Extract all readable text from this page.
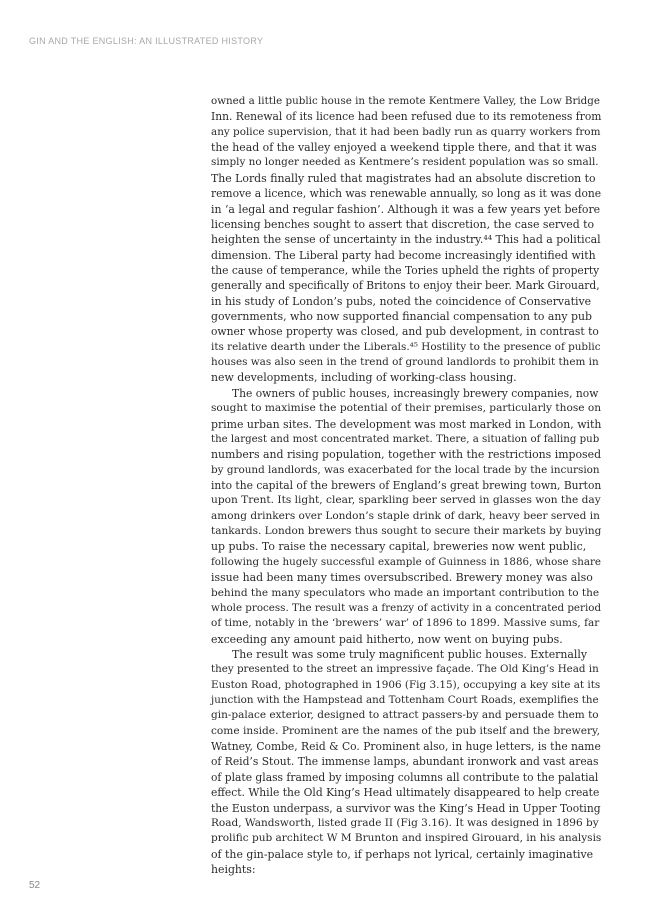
GIN AND THE ENGLISH: AN ILLUSTRATED HISTORY
owned a little public house in the remote Kentmere Valley, the Low Bridge
Inn. Renewal of its licence had been refused due to its remoteness from
any police supervision, that it had been badly run as quarry workers from
the head of the valley enjoyed a weekend tipple there, and that it was
simply no longer needed as Kentmere’s resident population was so small.
The Lords finally ruled that magistrates had an absolute discretion to
remove a licence, which was renewable annually, so long as it was done
in ‘a legal and regular fashion’. Although it was a few years yet before
licensing benches sought to assert that discretion, the case served to
heighten the sense of uncertainty in the industry.⁴⁴ This had a political
dimension. The Liberal party had become increasingly identified with
the cause of temperance, while the Tories upheld the rights of property
generally and specifically of Britons to enjoy their beer. Mark Girouard,
in his study of London’s pubs, noted the coincidence of Conservative
governments, who now supported financial compensation to any pub
owner whose property was closed, and pub development, in contrast to
its relative dearth under the Liberals.⁴⁵ Hostility to the presence of public
houses was also seen in the trend of ground landlords to prohibit them in
new developments, including of working-class housing.
The owners of public houses, increasingly brewery companies, now
sought to maximise the potential of their premises, particularly those on
prime urban sites. The development was most marked in London, with
the largest and most concentrated market. There, a situation of falling pub
numbers and rising population, together with the restrictions imposed
by ground landlords, was exacerbated for the local trade by the incursion
into the capital of the brewers of England’s great brewing town, Burton
upon Trent. Its light, clear, sparkling beer served in glasses won the day
among drinkers over London’s staple drink of dark, heavy beer served in
tankards. London brewers thus sought to secure their markets by buying
up pubs. To raise the necessary capital, breweries now went public,
following the hugely successful example of Guinness in 1886, whose share
issue had been many times oversubscribed. Brewery money was also
behind the many speculators who made an important contribution to the
whole process. The result was a frenzy of activity in a concentrated period
of time, notably in the ‘brewers’ war’ of 1896 to 1899. Massive sums, far
exceeding any amount paid hitherto, now went on buying pubs.
The result was some truly magnificent public houses. Externally
they presented to the street an impressive façade. The Old King’s Head in
Euston Road, photographed in 1906 (Fig 3.15), occupying a key site at its
junction with the Hampstead and Tottenham Court Roads, exemplifies the
gin-palace exterior, designed to attract passers-by and persuade them to
come inside. Prominent are the names of the pub itself and the brewery,
Watney, Combe, Reid & Co. Prominent also, in huge letters, is the name
of Reid’s Stout. The immense lamps, abundant ironwork and vast areas
of plate glass framed by imposing columns all contribute to the palatial
effect. While the Old King’s Head ultimately disappeared to help create
the Euston underpass, a survivor was the King’s Head in Upper Tooting
Road, Wandsworth, listed grade II (Fig 3.16). It was designed in 1896 by
prolific pub architect W M Brunton and inspired Girouard, in his analysis
of the gin-palace style to, if perhaps not lyrical, certainly imaginative
heights:
52
